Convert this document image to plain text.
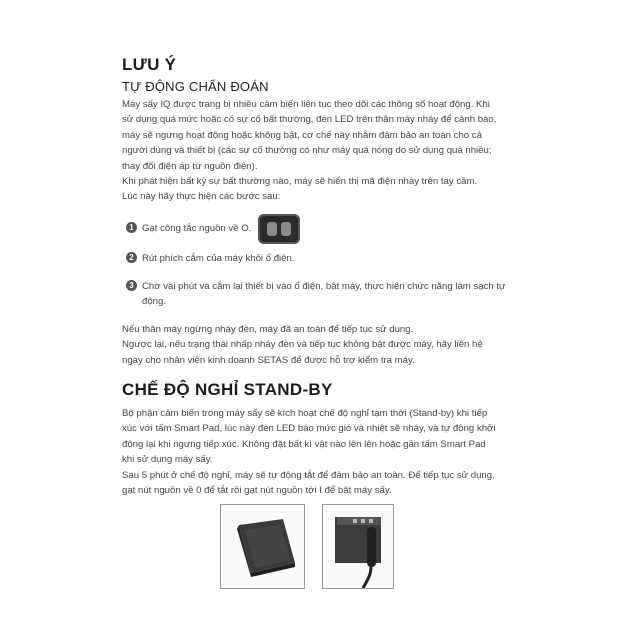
LƯU Ý
TỰ ĐỘNG CHẨN ĐOÁN

Máy sấy IQ được trang bị nhiều cảm biến liên tục theo dõi các thông số hoạt động. Khi

sử dụng quá mức hoặc có sự cố bất thường, đèn LED trên thân máy nháy để cảnh báo,

máy sẽ ngưng hoạt động hoặc không bật, cơ chế này nhằm đảm bảo an toàn cho cả

người dùng và thiết bị (các sự cố thường có như máy quá nóng do sử dụng quá nhiều;

thay đổi điện áp từ nguồn điện).

Khi phát hiện bất kỳ sự bất thường nào, máy sẽ hiển thị mã điện nháy trên tay cầm.

Lúc này hãy thực hiện các bước sau:

1 Gạt công tắc nguồn về O.
2 Rút phích cắm của máy khỏi ổ điện.
3 Chờ vài phút và cắm lại thiết bị vào ổ điện, bật máy, thực hiện chức năng làm sạch tự động.

Nếu thân máy ngừng nháy đèn, máy đã an toàn để tiếp tục sử dụng.

Ngược lại, nếu trạng thái nhấp nháy đèn và tiếp tục không bật được máy, hãy liên hệ

ngay cho nhân viên kinh doanh SETAS để được hỗ trợ kiểm tra máy.

CHẾ ĐỘ NGHỈ STAND-BY

Bộ phận cảm biến trong máy sấy sẽ kích hoạt chế độ nghỉ tạm thời (Stand-by) khi tiếp

xúc với tấm Smart Pad, lúc này đèn LED báo mức gió và nhiệt sẽ nháy, và tự động khởi

động lại khi ngưng tiếp xúc. Không đặt bất kì vật nào lên lên hoặc gần tấm Smart Pad

khi sử dụng máy sấy.

Sau 5 phút ở chế độ nghỉ, máy sẽ tự động tắt để đảm bảo an toàn. Để tiếp tục sử dụng,

gạt nút nguồn về 0 để tắt rồi gạt nút nguồn tới I để bật máy sấy.
